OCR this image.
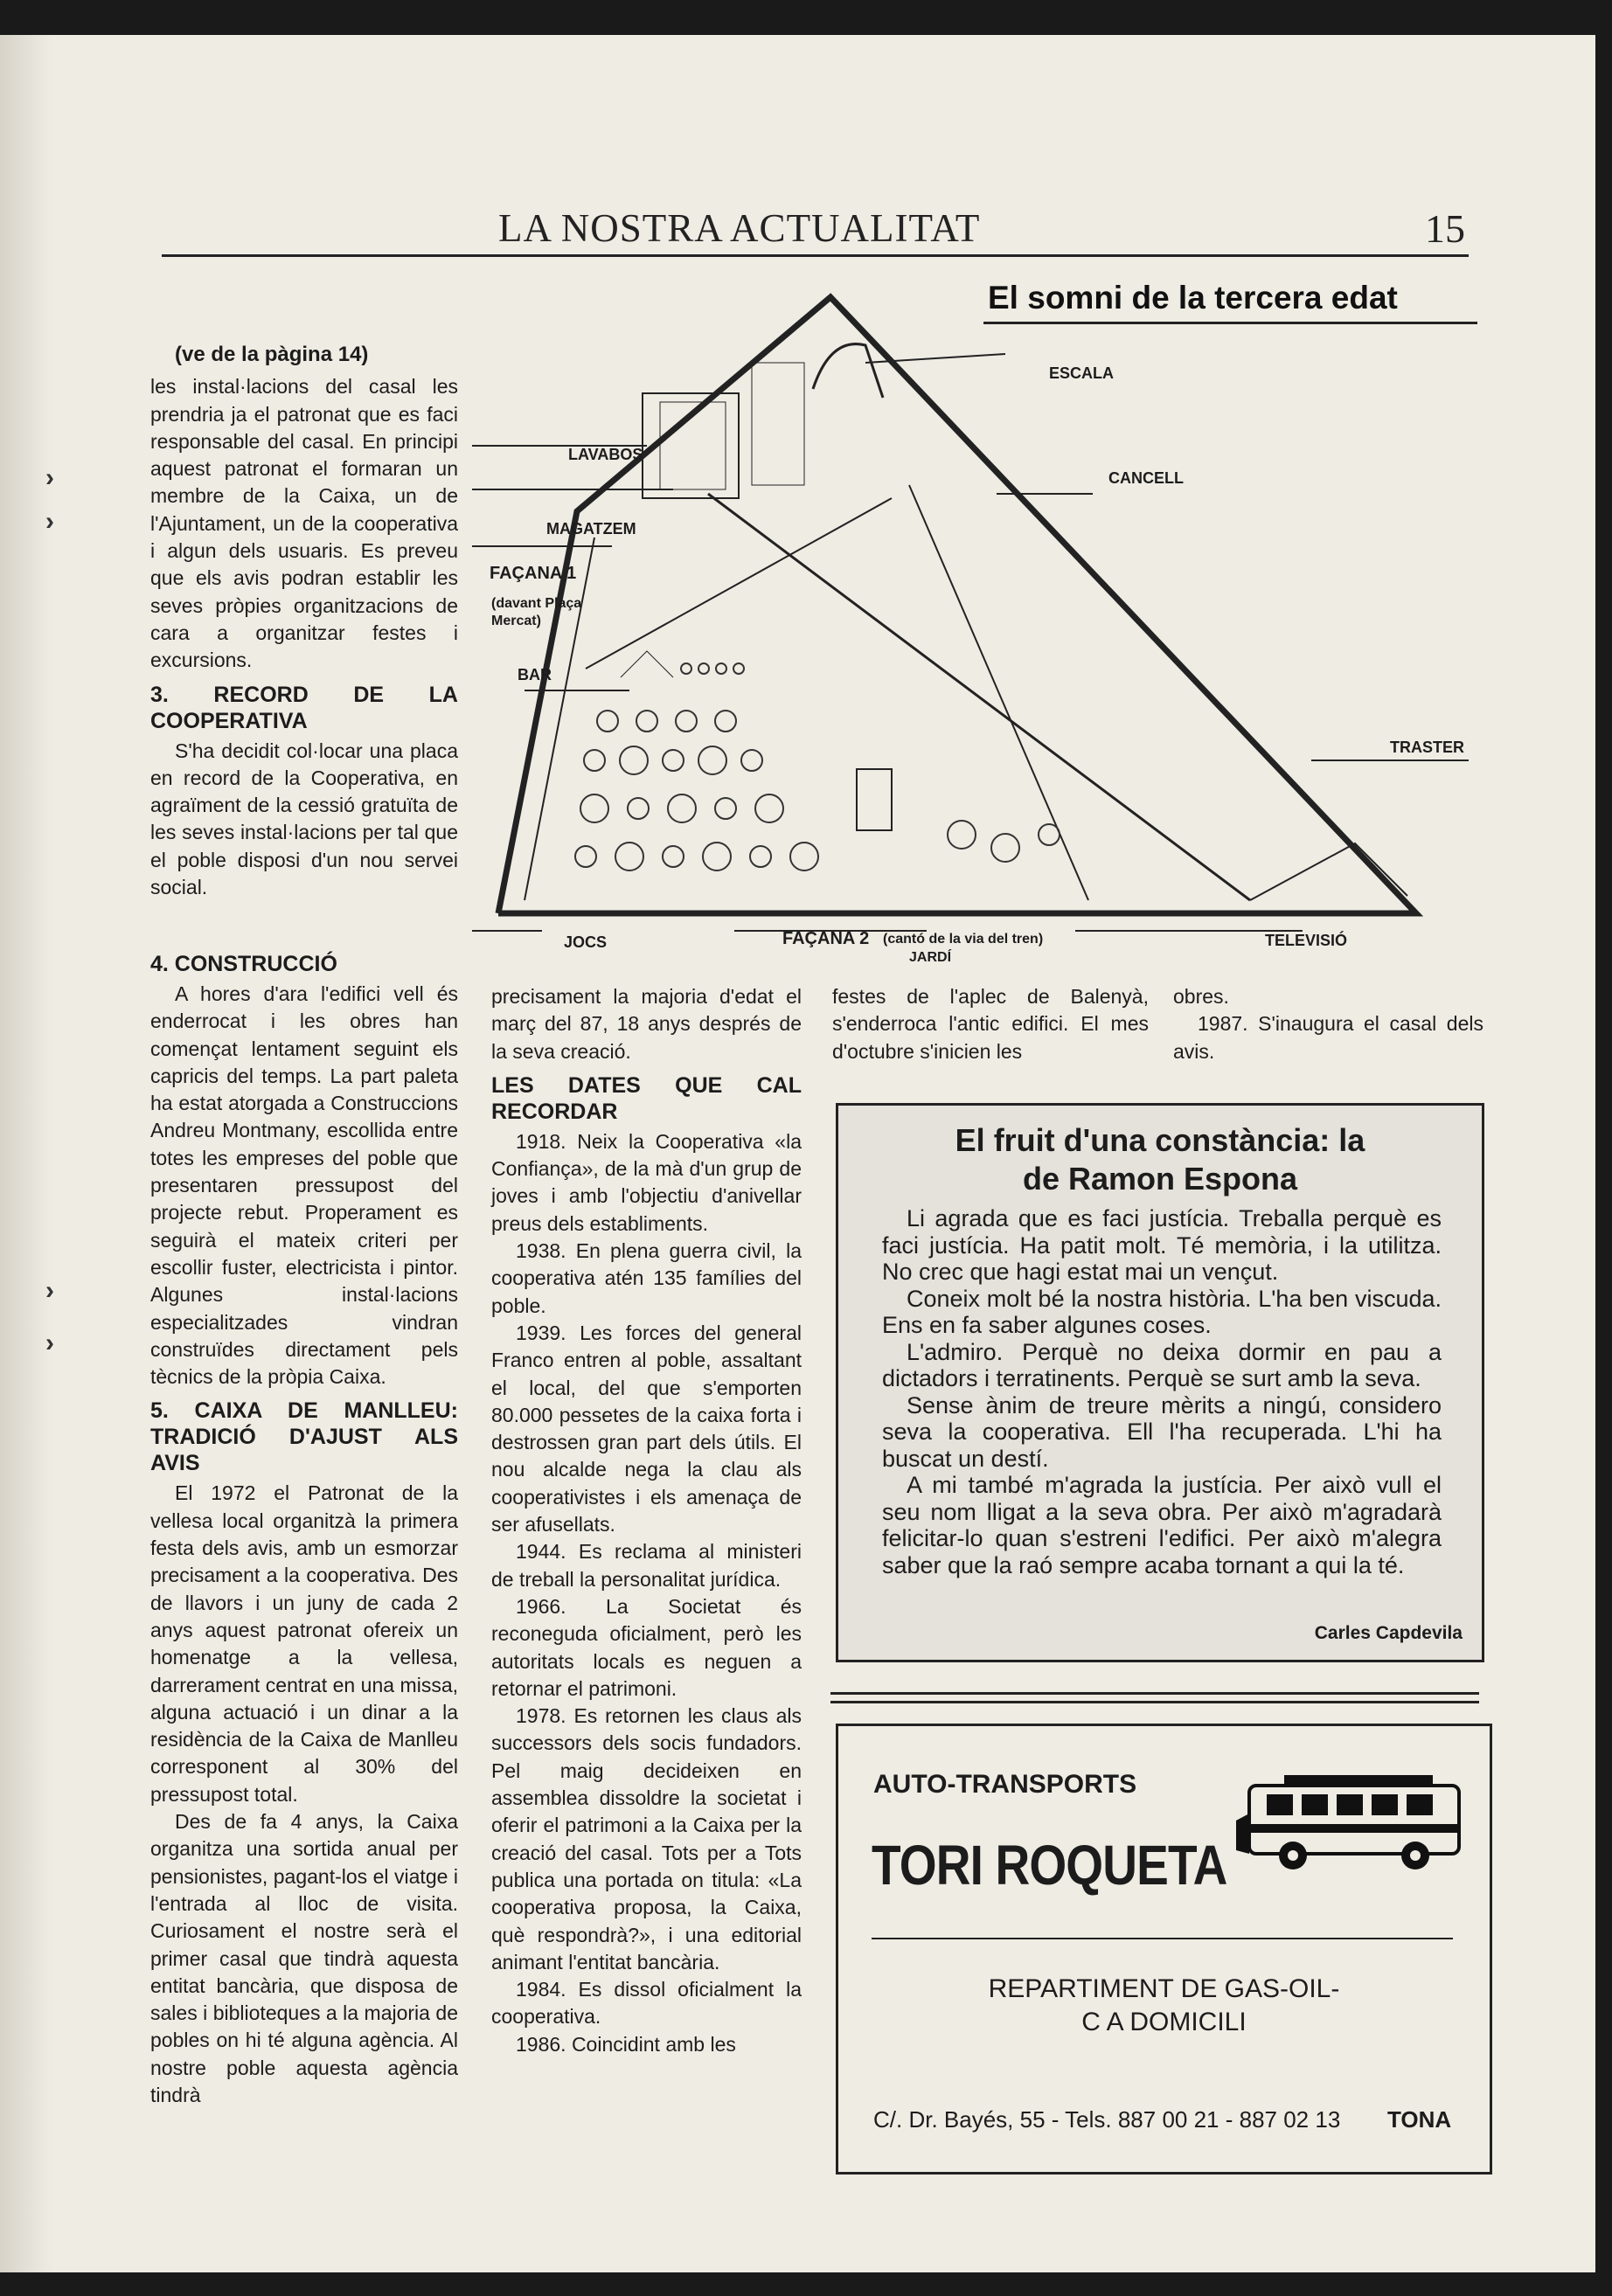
›
›
›
›
LA NOSTRA ACTUALITAT	15
El somni de la tercera edat
ESCALA
LAVABOS
CANCELL
MAGATZEM
FAÇANA 1
(davant Plaça Mercat)
BAR
TRASTER
JOCS	FAÇANA 2 (cantó de la via del tren)
JARDÍ
TELEVISIÓ
(ve de la pàgina 14)

les instal·lacions del casal les prendria ja el patronat que es faci responsable del casal. En principi aquest patronat el formaran un membre de la Caixa, un de l'Ajuntament, un de la cooperativa i algun dels usuaris. Es preveu que els avis podran establir les seves pròpies organitzacions de cara a organitzar festes i excursions.

3. RECORD DE LA COOPERATIVA

S'ha decidit col·locar una placa en record de la Cooperativa, en agraïment de la cessió gratuïta de les seves instal·lacions per tal que el poble disposi d'un nou servei social.

4. CONSTRUCCIÓ

A hores d'ara l'edifici vell és enderrocat i les obres han començat lentament seguint els capricis del temps. La part paleta ha estat atorgada a Construccions Andreu Montmany, escollida entre totes les empreses del poble que presentaren pressupost del projecte rebut. Properament es seguirà el mateix criteri per escollir fuster, electricista i pintor. Algunes instal·lacions especialitzades vindran construïdes directament pels tècnics de la pròpia Caixa.

5. CAIXA DE MANLLEU: TRADICIÓ D'AJUST ALS AVIS

El 1972 el Patronat de la vellesa local organitzà la primera festa dels avis, amb un esmorzar precisament a la cooperativa. Des de llavors i un juny de cada 2 anys aquest patronat ofereix un homenatge a la vellesa, darrerament centrat en una missa, alguna actuació i un dinar a la residència de la Caixa de Manlleu corresponent al 30% del pressupost total.

Des de fa 4 anys, la Caixa organitza una sortida anual per pensionistes, pagant-los el viatge i l'entrada al lloc de visita. Curiosament el nostre serà el primer casal que tindrà aquesta entitat bancària, que disposa de sales i biblioteques a la majoria de pobles on hi té alguna agència. Al nostre poble aquesta agència tindrà

precisament la majoria d'edat el març del 87, 18 anys després de la seva creació.

LES DATES QUE CAL RECORDAR

1918. Neix la Cooperativa «la Confiança», de la mà d'un grup de joves i amb l'objectiu d'anivellar preus dels establiments.

1938. En plena guerra civil, la cooperativa atén 135 famílies del poble.

1939. Les forces del general Franco entren al poble, assaltant el local, del que s'emporten 80.000 pessetes de la caixa forta i destrossen gran part dels útils. El nou alcalde nega la clau als cooperativistes i els amenaça de ser afusellats.

1944. Es reclama al ministeri de treball la personalitat jurídica.

1966. La Societat és reconeguda oficialment, però les autoritats locals es neguen a retornar el patrimoni.

1978. Es retornen les claus als successors dels socis fundadors. Pel maig decideixen en assemblea dissoldre la societat i oferir el patrimoni a la Caixa per la creació del casal. Tots per a Tots publica una portada on titula: «La cooperativa proposa, la Caixa, què respondrà?», i una editorial animant l'entitat bancària.

1984. Es dissol oficialment la cooperativa.

1986. Coincidint amb les

festes de l'aplec de Balenyà, s'enderroca l'antic edifici. El mes d'octubre s'inicien les

obres.

1987. S'inaugura el casal dels avis.

El fruit d'una constància: la de Ramon Espona

Li agrada que es faci justícia. Treballa perquè es faci justícia. Ha patit molt. Té memòria, i la utilitza. No crec que hagi estat mai un vençut.

Coneix molt bé la nostra història. L'ha ben viscuda. Ens en fa saber algunes coses.

L'admiro. Perquè no deixa dormir en pau a dictadors i terratinents. Perquè se surt amb la seva.

Sense ànim de treure mèrits a ningú, considero seva la cooperativa. Ell l'ha recuperada. L'hi ha buscat un destí.

A mi també m'agrada la justícia. Per això vull el seu nom lligat a la seva obra. Per això m'agradarà felicitar-lo quan s'estreni l'edifici. Per això m'alegra saber que la raó sempre acaba tornant a qui la té.

Carles Capdevila
AUTO-TRANSPORTS
TORI ROQUETA
REPARTIMENT DE GAS-OIL-C A DOMICILI
C/. Dr. Bayés, 55 - Tels. 887 00 21 - 887 02 13 TONA
